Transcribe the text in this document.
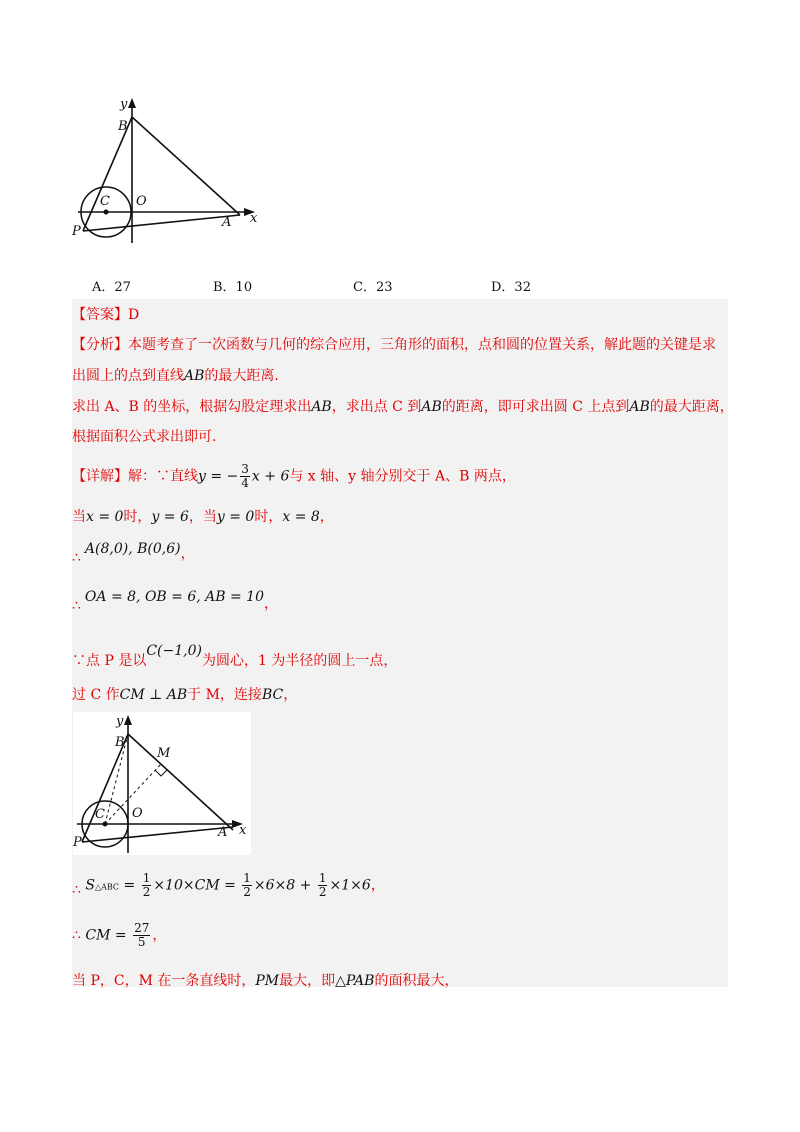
y
B
C O
A x
P
A．27	B．10	C．23	D．32
【答案】D
【分析】本题考查了一次函数与几何的综合应用，三角形的面积，点和圆的位置关系，解此题的关键是求
出圆上的点到直线AB的最大距离.
求出 A、B 的坐标，根据勾股定理求出AB，求出点 C 到AB的距离，即可求出圆 C 上点到AB的最大距离，
根据面积公式求出即可.
【详解】解：∵直线y = − $\frac{3}{4}$ x + 6与 x 轴、y 轴分别交于 A、B 两点，
当x = 0时，y = 6，当y = 0时，x = 8，
∴A(8,0), B(0,6)，
∴OA = 8, OB = 6, AB = 10，
∵点 P 是以C(−1,0)为圆心，1 为半径的圆上一点，
过 C 作CM ⊥ AB于 M，连接BC，
y
B
M
C O
A x
P
∴ S△ABC = $\frac{1}{2} \times 10\times CM = \frac{1}{2} \times 6\times 8 + \frac{1}{2} \times 1\times 6$，
∴ CM = $\frac{27}{5}$ ，
当 P，C，M 在一条直线时，PM最大，即△PAB的面积最大，
